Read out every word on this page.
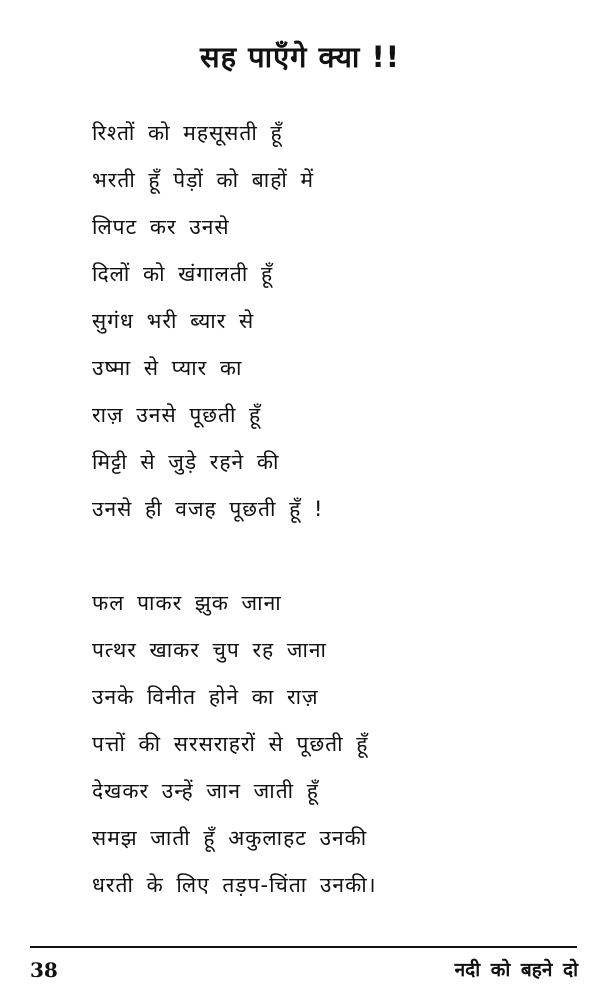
सह पाएँगे क्या !!
रिश्तों को महसूसती हूँ
भरती हूँ पेड़ों को बाहों में
लिपट कर उनसे
दिलों को खंगालती हूँ
सुगंध भरी ब्यार से
उष्मा से प्यार का
राज़ उनसे पूछती हूँ
मिट्टी से जुड़े रहने की
उनसे ही वजह पूछती हूँ !
फल पाकर झुक जाना
पत्थर खाकर चुप रह जाना
उनके विनीत होने का राज़
पत्तों की सरसराहरों से पूछती हूँ
देखकर उन्हें जान जाती हूँ
समझ जाती हूँ अकुलाहट उनकी
धरती के लिए तड़प-चिंता उनकी।
38	नदी को बहने दो
